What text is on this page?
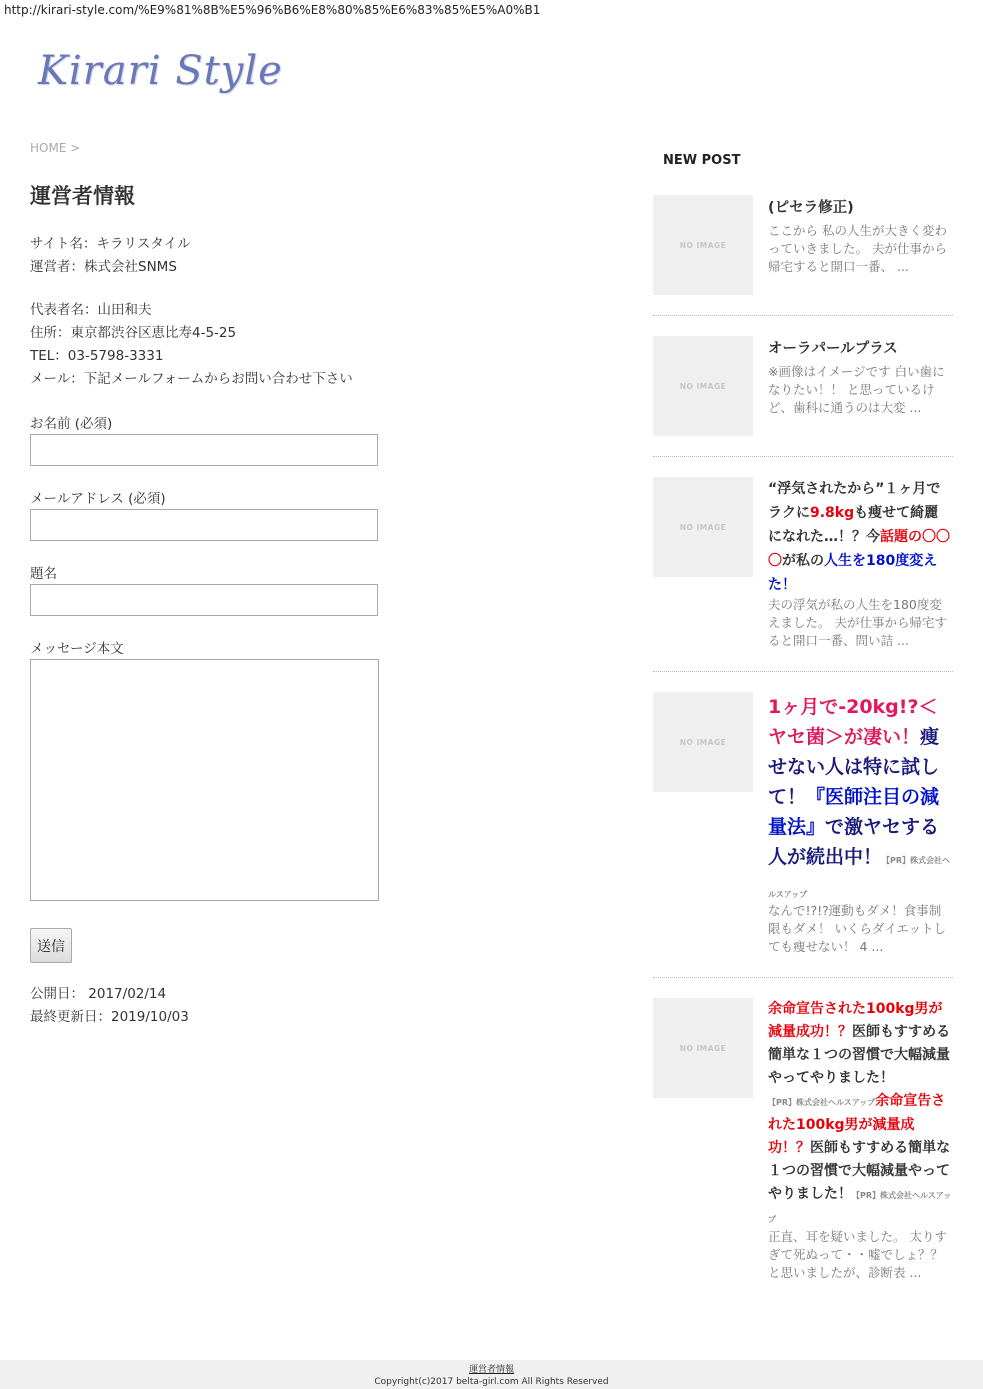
http://kirari-style.com/%E9%81%8B%E5%96%B6%E8%80%85%E6%83%85%E5%A0%B1
Kirari Style
HOME >
運営者情報
サイト名：キラリスタイル
運営者：株式会社SNMS
代表者名：山田和夫
住所：東京都渋谷区恵比寿4-5-25
TEL：03-5798-3331
メール：下記メールフォームからお問い合わせ下さい
お名前 (必須)
メールアドレス (必須)
題名
メッセージ本文
送信
公開日： 2017/02/14
最終更新日：2019/10/03
NEW POST
NO IMAGE
(ピセラ修正)
ここから 私の人生が大きく変わっていきました。 夫が仕事から帰宅すると開口一番、 ...
NO IMAGE
オーラパールプラス
※画像はイメージです 白い歯になりたい！！ と思っているけど、歯科に通うのは大変 ...
NO IMAGE
“浮気されたから”１ヶ月でラクに9.8kgも痩せて綺麗になれた…！？今話題の〇〇〇が私の人生を180度変えた！
夫の浮気が私の人生を180度変えました。 夫が仕事から帰宅すると開口一番、問い詰 ...
NO IMAGE
1ヶ月で-20kg!?＜ヤセ菌＞が凄い！痩せない人は特に試して！『医師注目の減量法』で激ヤセする人が続出中！【PR】株式会社ヘルスアップ
なんで!?!?運動もダメ！食事制限もダメ！ いくらダイエットしても痩せない！ 4 ...
NO IMAGE
余命宣告された100kg男が減量成功！？医師もすすめる簡単な１つの習慣で大幅減量やってやりました！
【PR】株式会社ヘルスアップ余命宣告された100kg男が減量成功！？医師もすすめる簡単な１つの習慣で大幅減量やってやりました！【PR】株式会社ヘルスアップ
正直、耳を疑いました。 太りすぎて死ぬって・・嘘でしょ？？と思いましたが、診断表 ...
運営者情報
Copyright(c)2017 belta-girl.com All Rights Reserved
